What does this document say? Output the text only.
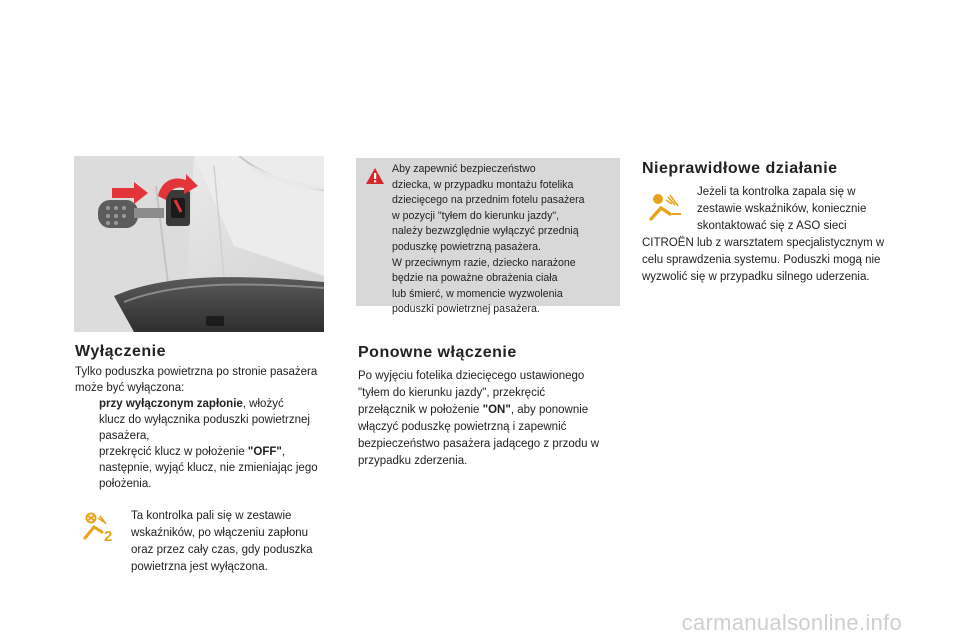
Aby zapewnić bezpieczeństwo
dziecka, w przypadku montażu fotelika
dziecięcego na przednim fotelu pasażera
w pozycji "tyłem do kierunku jazdy",
należy bezwzględnie wyłączyć przednią
poduszkę powietrzną pasażera.
W przeciwnym razie, dziecko narażone
będzie na poważne obrażenia ciała
lub śmierć, w momencie wyzwolenia
poduszki powietrznej pasażera.
Wyłączenie
Tylko poduszka powietrzna po stronie pasażera
może być wyłączona:
przy wyłączonym zapłonie, włożyć
klucz do wyłącznika poduszki powietrznej
pasażera,
przekręcić klucz w położenie "OFF",
następnie, wyjąć klucz, nie zmieniając jego
położenia.
2
Ta kontrolka pali się w zestawie
wskaźników, po włączeniu zapłonu
oraz przez cały czas, gdy poduszka
powietrzna jest wyłączona.
Ponowne włączenie
Po wyjęciu fotelika dziecięcego ustawionego
"tyłem do kierunku jazdy", przekręcić
przełącznik w położenie "ON", aby ponownie
włączyć poduszkę powietrzną i zapewnić
bezpieczeństwo pasażera jadącego z przodu w
przypadku zderzenia.
Nieprawidłowe działanie
Jeżeli ta kontrolka zapala się w
zestawie wskaźników, koniecznie
skontaktować się z ASO sieci
CITROËN lub z warsztatem specjalistycznym w
celu sprawdzenia systemu. Poduszki mogą nie
wyzwolić się w przypadku silnego uderzenia.
carmanualsonline.info
